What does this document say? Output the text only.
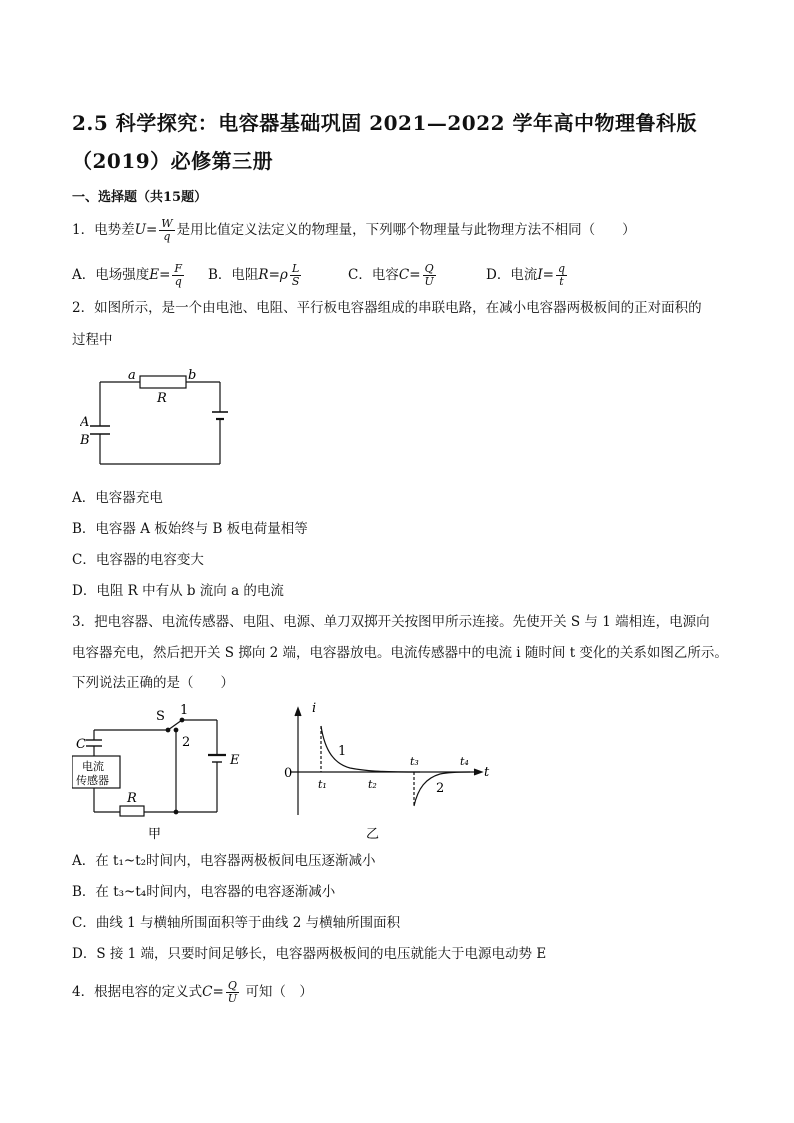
2.5 科学探究：电容器基础巩固 2021—2022 学年高中物理鲁科版
（2019）必修第三册
一、选择题（共15题）
1．电势差$U= \frac{W}{q}$ 是用比值定义法定义的物理量，下列哪个物理量与此物理方法不相同（　　）
A．电场强度$E= \frac{F}{q}$ B．电阻$R=\rho \frac{L}{S}$	C．电容$C= \frac{Q}{U}$	D．电流$I= \frac{q}{t}$
2．如图所示，是一个由电池、电阻、平行板电容器组成的串联电路，在减小电容器两极板间的正对面积的
过程中
a	b
R
A
B
A．电容器充电
B．电容器 A 板始终与 B 板电荷量相等
C．电容器的电容变大
D．电阻 R 中有从 b 流向 a 的电流
3．把电容器、电流传感器、电阻、电源、单刀双掷开关按图甲所示连接。先使开关 S 与 1 端相连，电源向
电容器充电，然后把开关 S 掷向 2 端，电容器放电。电流传感器中的电流 i 随时间 t 变化的关系如图乙所示。
下列说法正确的是（　　）
S 1
2
C
电流
传感器
R
E
甲
i
0
t₁	t₂
t₃	t₄
t
1
2
乙
A．在 t₁~t₂时间内，电容器两极板间电压逐渐减小
B．在 t₃~t₄时间内，电容器的电容逐渐减小
C．曲线 1 与横轴所围面积等于曲线 2 与横轴所围面积
D．S 接 1 端，只要时间足够长，电容器两极板间的电压就能大于电源电动势 E
4．根据电容的定义式$C= \frac{Q}{U}$ 可知（　）
